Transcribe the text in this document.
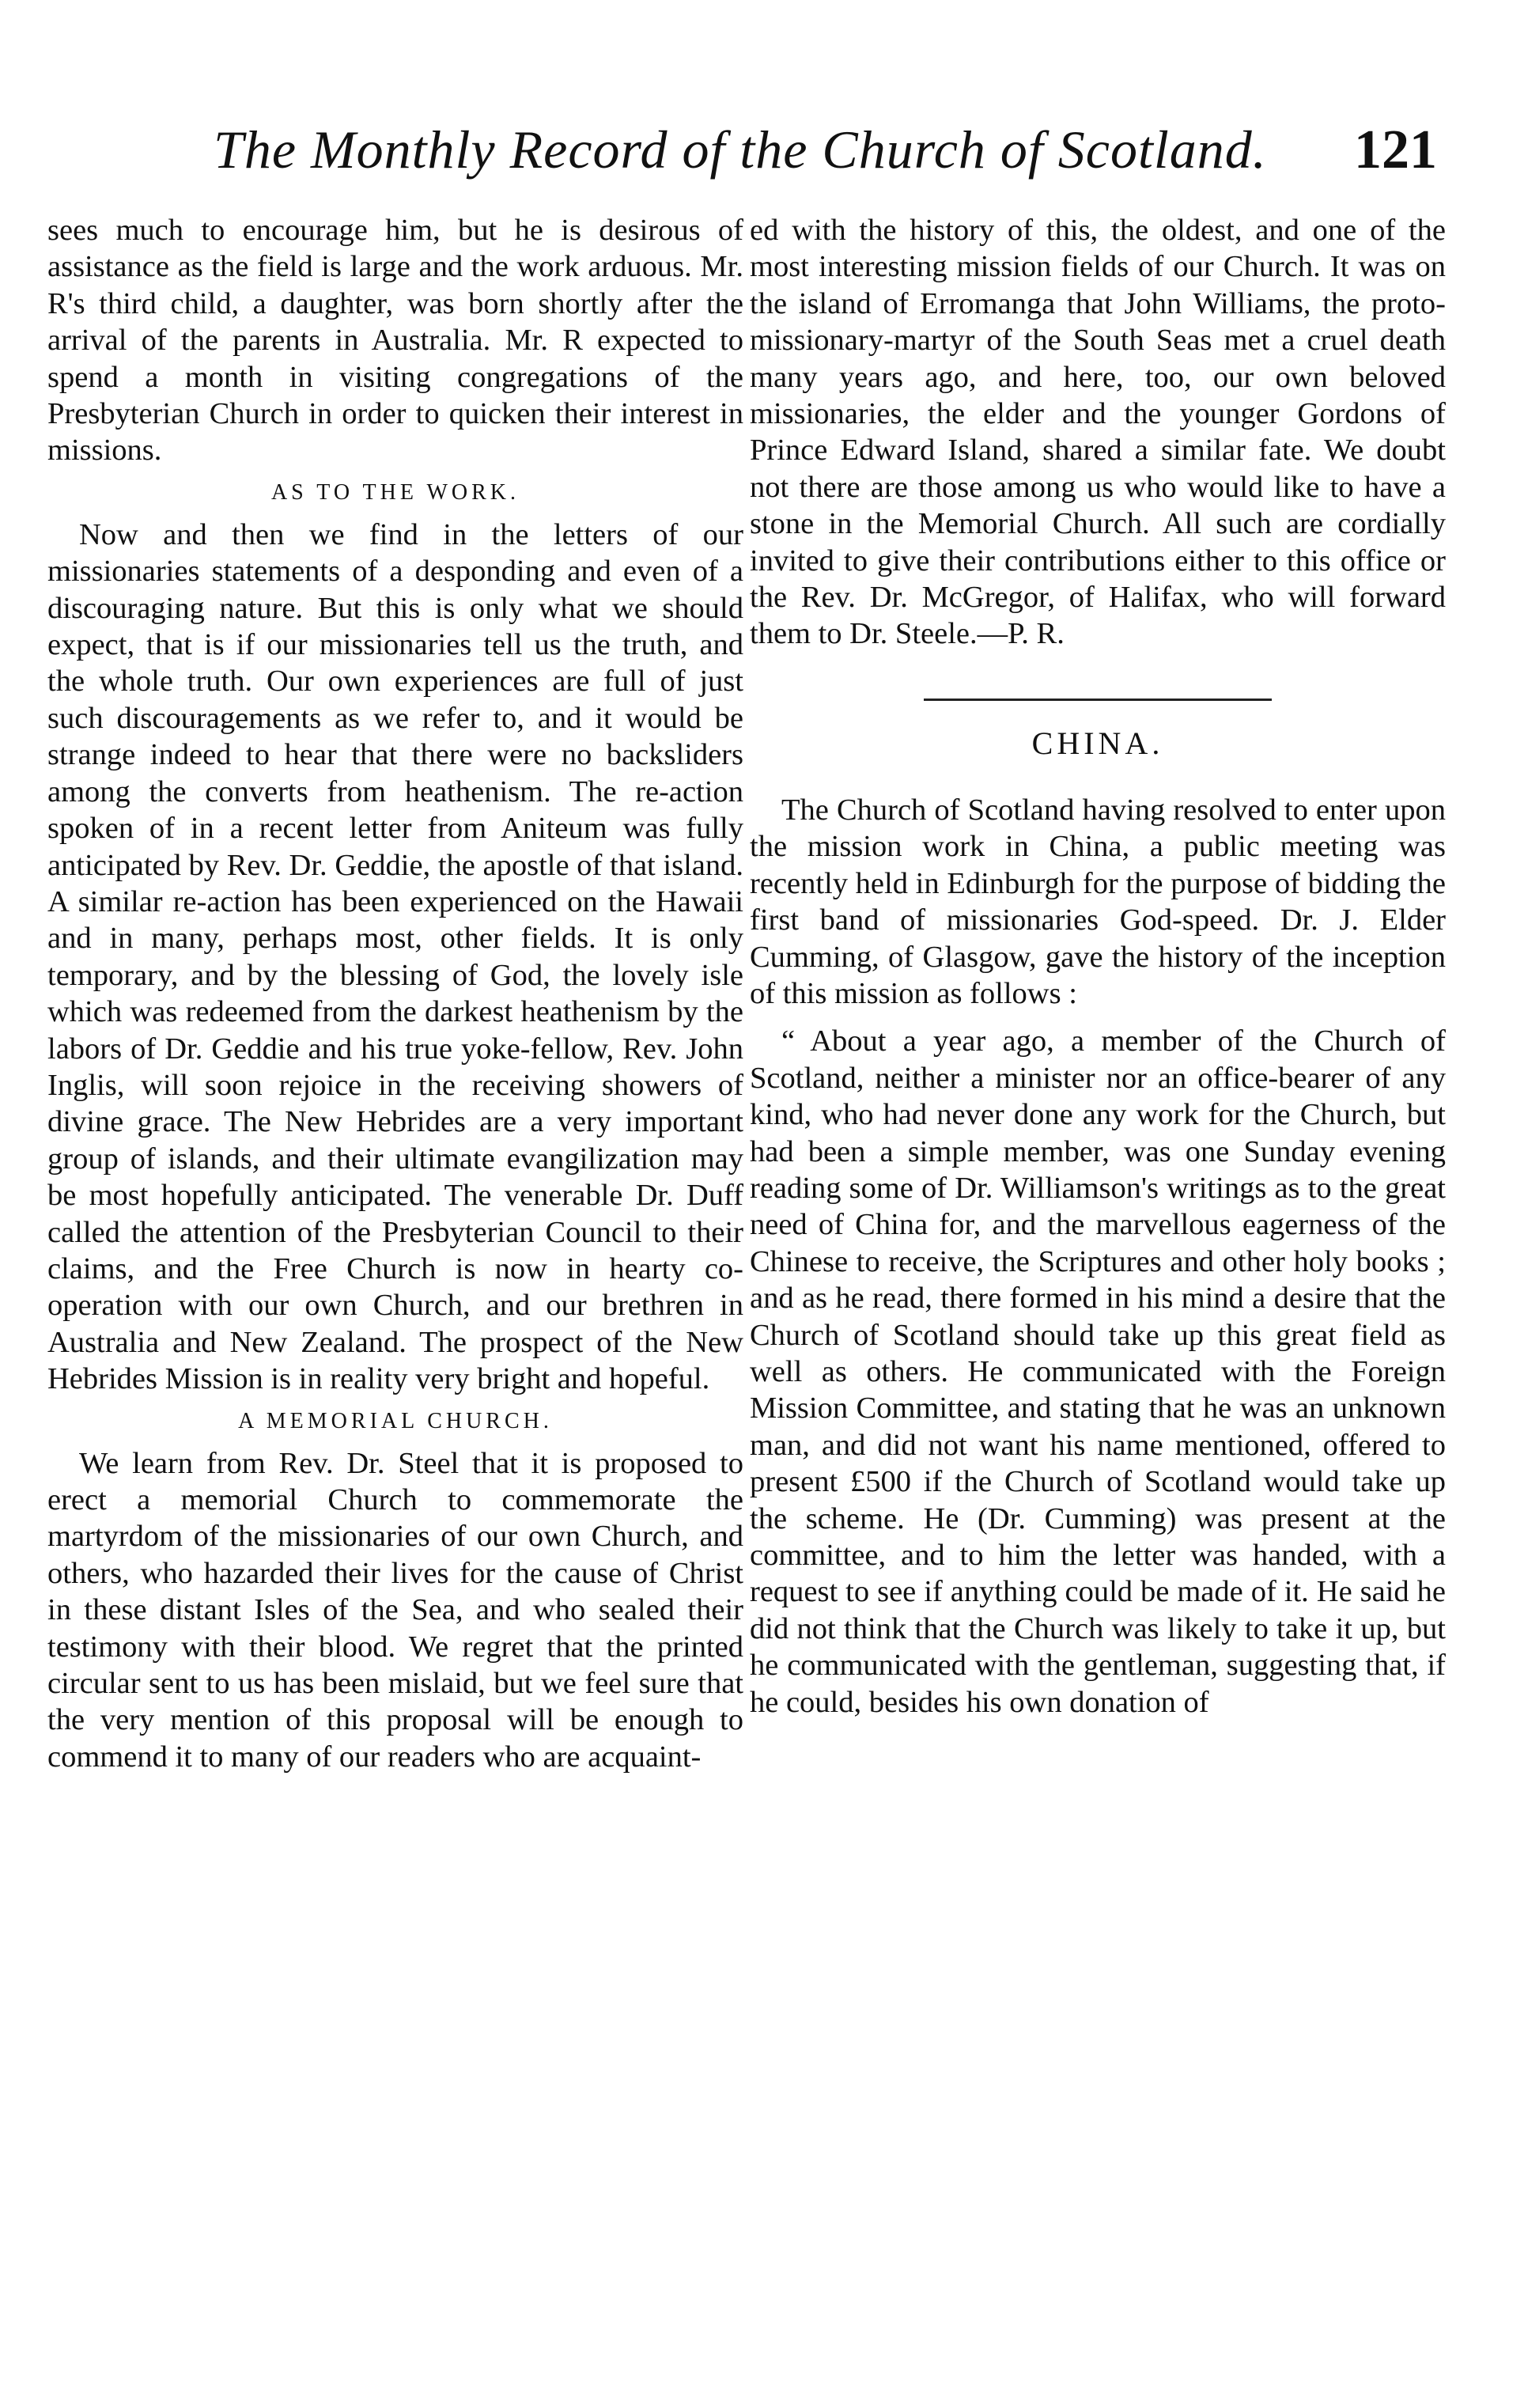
The Monthly Record of the Church of Scotland. 121

sees much to encourage him, but he is desirous of assistance as the field is large and the work arduous. Mr. R's third child, a daughter, was born shortly after the arrival of the parents in Australia. Mr. R expected to spend a month in visiting congregations of the Presbyterian Church in order to quicken their interest in missions.

AS TO THE WORK.

Now and then we find in the letters of our missionaries statements of a desponding and even of a discouraging nature. But this is only what we should expect, that is if our missionaries tell us the truth, and the whole truth. Our own experiences are full of just such discouragements as we refer to, and it would be strange indeed to hear that there were no backsliders among the converts from heathenism. The re-action spoken of in a recent letter from Aniteum was fully anticipated by Rev. Dr. Geddie, the apostle of that island. A similar re-action has been experienced on the Hawaii and in many, perhaps most, other fields. It is only temporary, and by the blessing of God, the lovely isle which was redeemed from the darkest heathenism by the labors of Dr. Geddie and his true yoke-fellow, Rev. John Inglis, will soon rejoice in the receiving showers of divine grace. The New Hebrides are a very important group of islands, and their ultimate evangilization may be most hopefully anticipated. The venerable Dr. Duff called the attention of the Presbyterian Council to their claims, and the Free Church is now in hearty co-operation with our own Church, and our brethren in Australia and New Zealand. The prospect of the New Hebrides Mission is in reality very bright and hopeful.

A MEMORIAL CHURCH.

We learn from Rev. Dr. Steel that it is proposed to erect a memorial Church to commemorate the martyrdom of the missionaries of our own Church, and others, who hazarded their lives for the cause of Christ in these distant Isles of the Sea, and who sealed their testimony with their blood. We regret that the printed circular sent to us has been mislaid, but we feel sure that the very mention of this proposal will be enough to commend it to many of our readers who are acquaint-

ed with the history of this, the oldest, and one of the most interesting mission fields of our Church. It was on the island of Erromanga that John Williams, the proto-missionary-martyr of the South Seas met a cruel death many years ago, and here, too, our own beloved missionaries, the elder and the younger Gordons of Prince Edward Island, shared a similar fate. We doubt not there are those among us who would like to have a stone in the Memorial Church. All such are cordially invited to give their contributions either to this office or the Rev. Dr. McGregor, of Halifax, who will forward them to Dr. Steele.—P. R.

CHINA.

The Church of Scotland having resolved to enter upon the mission work in China, a public meeting was recently held in Edinburgh for the purpose of bidding the first band of missionaries God-speed. Dr. J. Elder Cumming, of Glasgow, gave the history of the inception of this mission as follows :

“ About a year ago, a member of the Church of Scotland, neither a minister nor an office-bearer of any kind, who had never done any work for the Church, but had been a simple member, was one Sunday evening reading some of Dr. Williamson's writings as to the great need of China for, and the marvellous eagerness of the Chinese to receive, the Scriptures and other holy books ; and as he read, there formed in his mind a desire that the Church of Scotland should take up this great field as well as others. He communicated with the Foreign Mission Committee, and stating that he was an unknown man, and did not want his name mentioned, offered to present £500 if the Church of Scotland would take up the scheme. He (Dr. Cumming) was present at the committee, and to him the letter was handed, with a request to see if anything could be made of it. He said he did not think that the Church was likely to take it up, but he communicated with the gentleman, suggesting that, if he could, besides his own donation of
